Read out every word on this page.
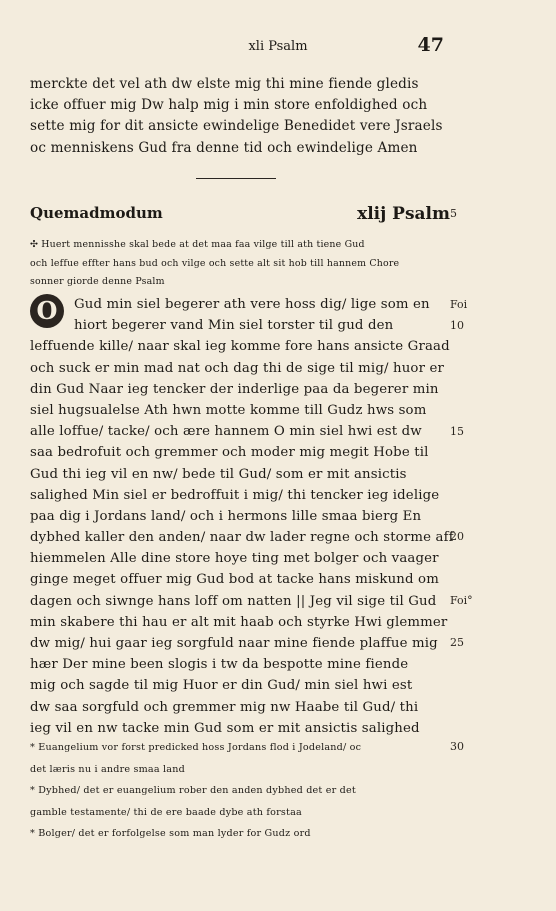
xli Psalm	47
merckte det vel ath dw elste mig thi mine fiende gledis
icke offuer mig Dw halp mig i min store enfoldighed och
sette mig for dit ansicte ewindelige Benedidet vere Jsraels
oc menniskens Gud fra denne tid och ewindelige Amen
Quemadmodum	xlij Psalm 5
✣ Huert mennisshe skal bede at det maa faa vilge till ath tiene Gud
och leffue effter hans bud och vilge och sette alt sit hob till hannem Chore
sonner giorde denne Psalm
O	Gud min siel begerer ath vere hoss dig/ lige som en
hiort begerer vand Min siel torster til gud den
leffuende kille/ naar skal ieg komme fore hans ansicte Graad
och suck er min mad nat och dag thi de sige til mig/ huor er
din Gud Naar ieg tencker der inderlige paa da begerer min
siel hugsualelse Ath hwn motte komme till Gudz hws som
alle loffue/ tacke/ och ære hannem O min siel hwi est dw
saa bedrofuit och gremmer och moder mig megit Hobe til
Gud thi ieg vil en nw/ bede til Gud/ som er mit ansictis
salighed Min siel er bedroffuit i mig/ thi tencker ieg idelige
paa dig i Jordans land/ och i hermons lille smaa bierg En
dybhed kaller den anden/ naar dw lader regne och storme aff
hiemmelen Alle dine store hoye ting met bolger och vaager
ginge meget offuer mig Gud bod at tacke hans miskund om
dagen och siwnge hans loff om natten || Jeg vil sige til Gud
min skabere thi hau er alt mit haab och styrke Hwi glemmer
dw mig/ hui gaar ieg sorgfuld naar mine fiende plaffue mig
hær Der mine been slogis i tw da bespotte mine fiende
mig och sagde til mig Huor er din Gud/ min siel hwi est
dw saa sorgfuld och gremmer mig nw Haabe til Gud/ thi
ieg vil en nw tacke min Gud som er mit ansictis salighed
Foi
10
15
20
Foi°
25
30
* Euangelium vor forst predicked hoss Jordans flod i Jodeland/ oc
det læris nu i andre smaa land
* Dybhed/ det er euangelium rober den anden dybhed det er det
gamble testamente/ thi de ere baade dybe ath forstaa
* Bolger/ det er forfolgelse som man lyder for Gudz ord
